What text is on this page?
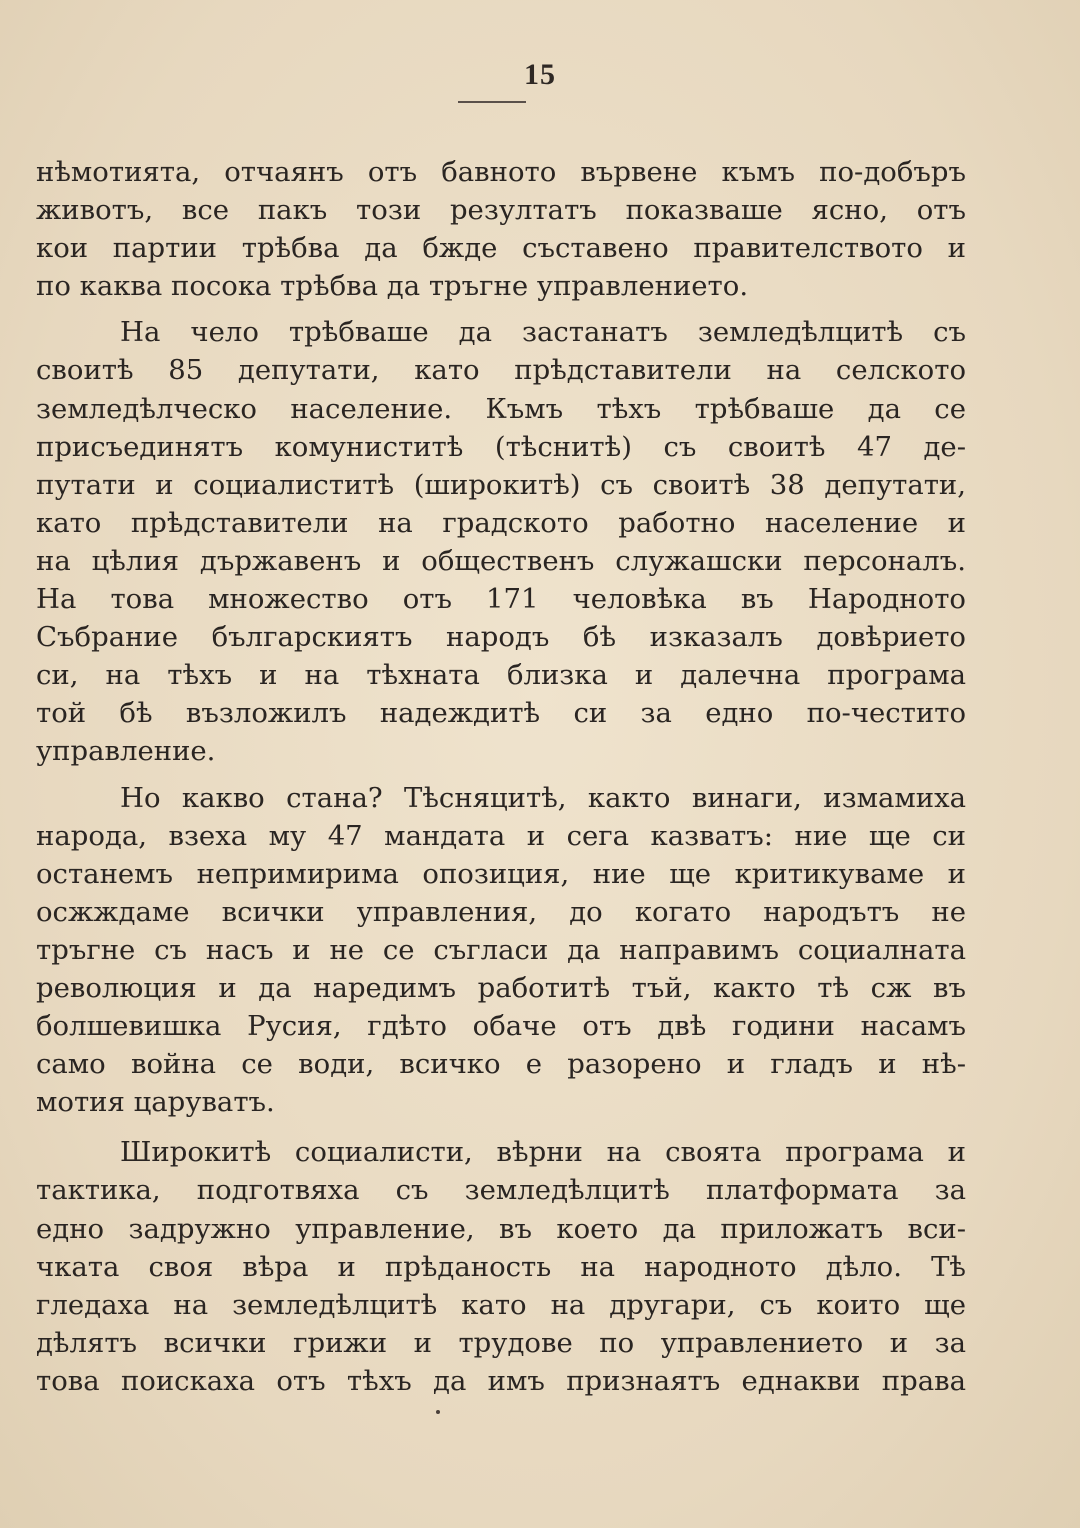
15
нѣмотията, отчаянъ отъ бавното вървене къмъ по-добъръ
животъ, все пакъ този резултатъ показваше ясно, отъ
кои партии трѣбва да бжде съставено правителството и
по каква посока трѣбва да тръгне управлението.
На чело трѣбваше да застанатъ земледѣлцитѣ съ
своитѣ 85 депутати, като прѣдставители на селското
земледѣлческо население. Къмъ тѣхъ трѣбваше да се
присъединятъ комуниститѣ (тѣснитѣ) съ своитѣ 47 де-
путати и социалиститѣ (широкитѣ) съ своитѣ 38 депутати,
като прѣдставители на градското работно население и
на цѣлия държавенъ и общественъ служашски персоналъ.
На това множество отъ 171 человѣка въ Народното
Събрание българскиятъ народъ бѣ изказалъ довѣрието
си, на тѣхъ и на тѣхната близка и далечна програма
той бѣ възложилъ надеждитѣ си за едно по-честито
управление.
Но какво стана? Тѣсняцитѣ, както винаги, измамиха
народа, взеха му 47 мандата и сега казватъ: ние ще си
останемъ непримирима опозиция, ние ще критикуваме и
осжждаме всички управления, до когато народътъ не
тръгне съ насъ и не се съгласи да направимъ социалната
революция и да наредимъ работитѣ тъй, както тѣ сж въ
болшевишка Русия, гдѣто обаче отъ двѣ години насамъ
само война се води, всичко е разорено и гладъ и нѣ-
мотия царуватъ.
Широкитѣ социалисти, вѣрни на своята програма и
тактика, подготвяха съ земледѣлцитѣ платформата за
едно задружно управление, въ което да приложатъ вси-
чката своя вѣра и прѣданость на народното дѣло. Тѣ
гледаха на земледѣлцитѣ като на другари, съ които ще
дѣлятъ всички грижи и трудове по управлението и за
това поискаха отъ тѣхъ да имъ признаятъ еднакви права
